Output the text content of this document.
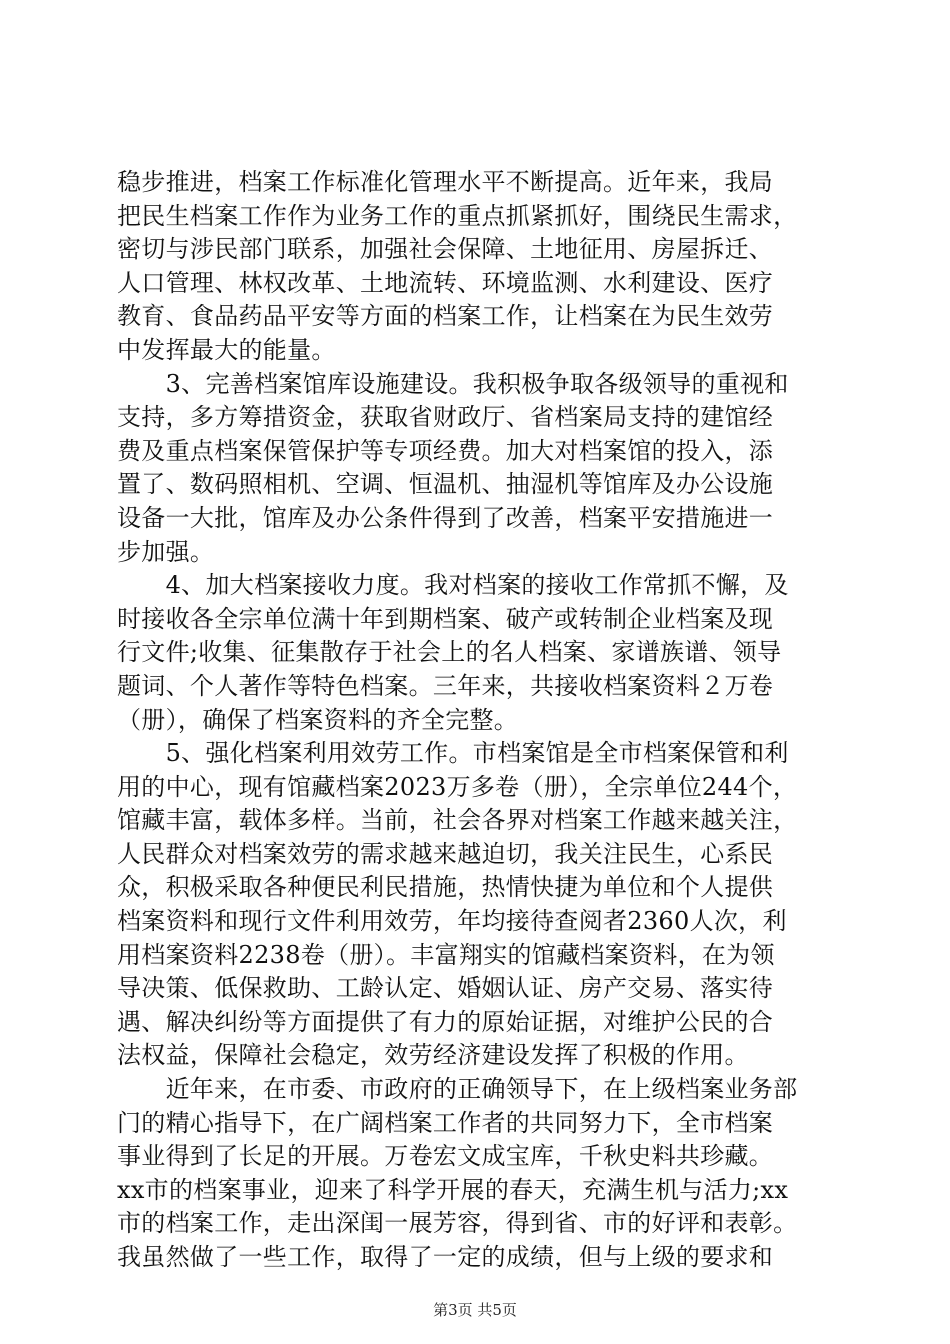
稳步推进，档案工作标准化管理水平不断提高。近年来，我局
把民生档案工作作为业务工作的重点抓紧抓好，围绕民生需求，
密切与涉民部门联系，加强社会保障、土地征用、房屋拆迁、
人口管理、林权改革、土地流转、环境监测、水利建设、医疗
教育、食品药品平安等方面的档案工作，让档案在为民生效劳
中发挥最大的能量。
　　3、完善档案馆库设施建设。我积极争取各级领导的重视和
支持，多方筹措资金，获取省财政厅、省档案局支持的建馆经
费及重点档案保管保护等专项经费。加大对档案馆的投入，添
置了、数码照相机、空调、恒温机、抽湿机等馆库及办公设施
设备一大批，馆库及办公条件得到了改善，档案平安措施进一
步加强。
　　4、加大档案接收力度。我对档案的接收工作常抓不懈，及
时接收各全宗单位满十年到期档案、破产或转制企业档案及现
行文件;收集、征集散存于社会上的名人档案、家谱族谱、领导
题词、个人著作等特色档案。三年来，共接收档案资料２万卷
（册），确保了档案资料的齐全完整。
　　5、强化档案利用效劳工作。市档案馆是全市档案保管和利
用的中心，现有馆藏档案2023万多卷（册），全宗单位244个，
馆藏丰富，载体多样。当前，社会各界对档案工作越来越关注，
人民群众对档案效劳的需求越来越迫切，我关注民生，心系民
众，积极采取各种便民利民措施，热情快捷为单位和个人提供
档案资料和现行文件利用效劳，年均接待查阅者2360人次，利
用档案资料2238卷（册）。丰富翔实的馆藏档案资料，在为领
导决策、低保救助、工龄认定、婚姻认证、房产交易、落实待
遇、解决纠纷等方面提供了有力的原始证据，对维护公民的合
法权益，保障社会稳定，效劳经济建设发挥了积极的作用。
　　近年来，在市委、市政府的正确领导下，在上级档案业务部
门的精心指导下，在广阔档案工作者的共同努力下，全市档案
事业得到了长足的开展。万卷宏文成宝库，千秋史料共珍藏。
xx市的档案事业，迎来了科学开展的春天，充满生机与活力;xx
市的档案工作，走出深闺一展芳容，得到省、市的好评和表彰。
我虽然做了一些工作，取得了一定的成绩，但与上级的要求和
第3页 共5页
